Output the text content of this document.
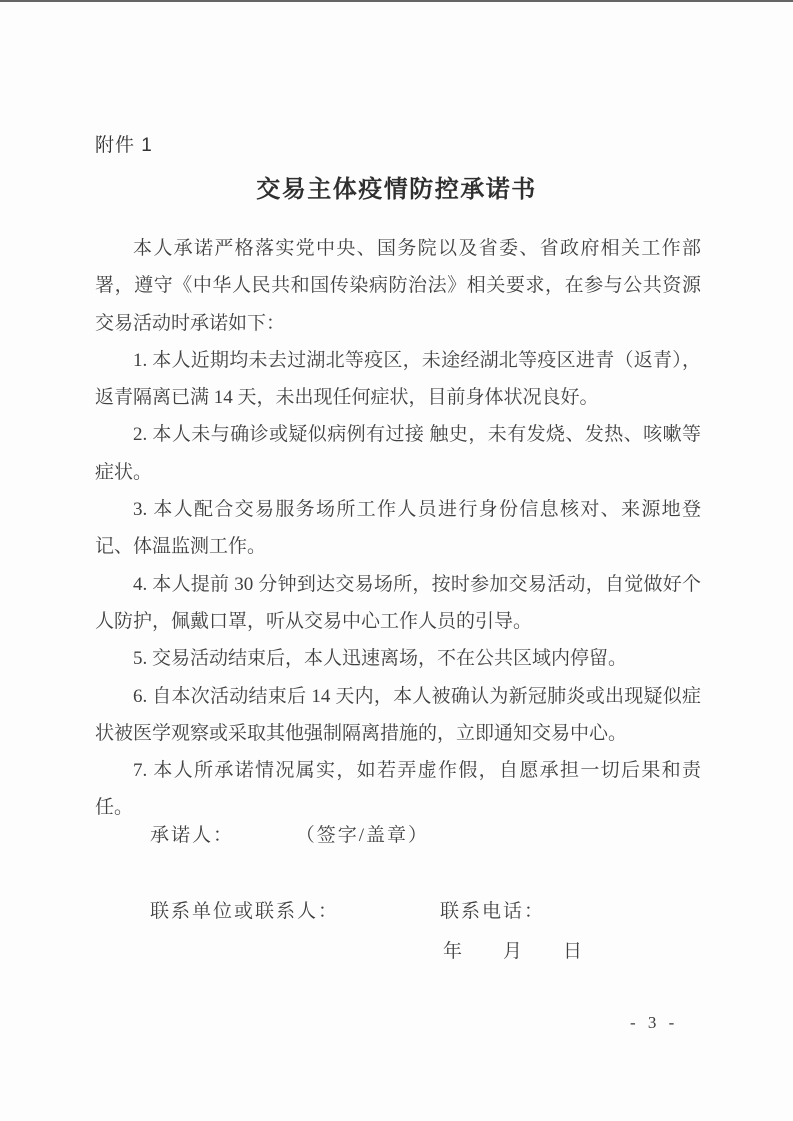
附件 1
交易主体疫情防控承诺书

本人承诺严格落实党中央、国务院以及省委、省政府相关工作部署，遵守《中华人民共和国传染病防治法》相关要求，在参与公共资源交易活动时承诺如下：

1. 本人近期均未去过湖北等疫区，未途经湖北等疫区进青（返青），返青隔离已满 14 天，未出现任何症状，目前身体状况良好。

2. 本人未与确诊或疑似病例有过接 触史，未有发烧、发热、咳嗽等症状。

3. 本人配合交易服务场所工作人员进行身份信息核对、来源地登记、体温监测工作。

4. 本人提前 30 分钟到达交易场所，按时参加交易活动，自觉做好个人防护，佩戴口罩，听从交易中心工作人员的引导。

5. 交易活动结束后，本人迅速离场，不在公共区域内停留。

6. 自本次活动结束后 14 天内，本人被确认为新冠肺炎或出现疑似症状被医学观察或采取其他强制隔离措施的，立即通知交易中心。

7. 本人所承诺情况属实，如若弄虚作假，自愿承担一切后果和责任。

承诺人：	（签字/盖章）
联系单位或联系人：	联系电话：
年　　月　　日
- 3 -
